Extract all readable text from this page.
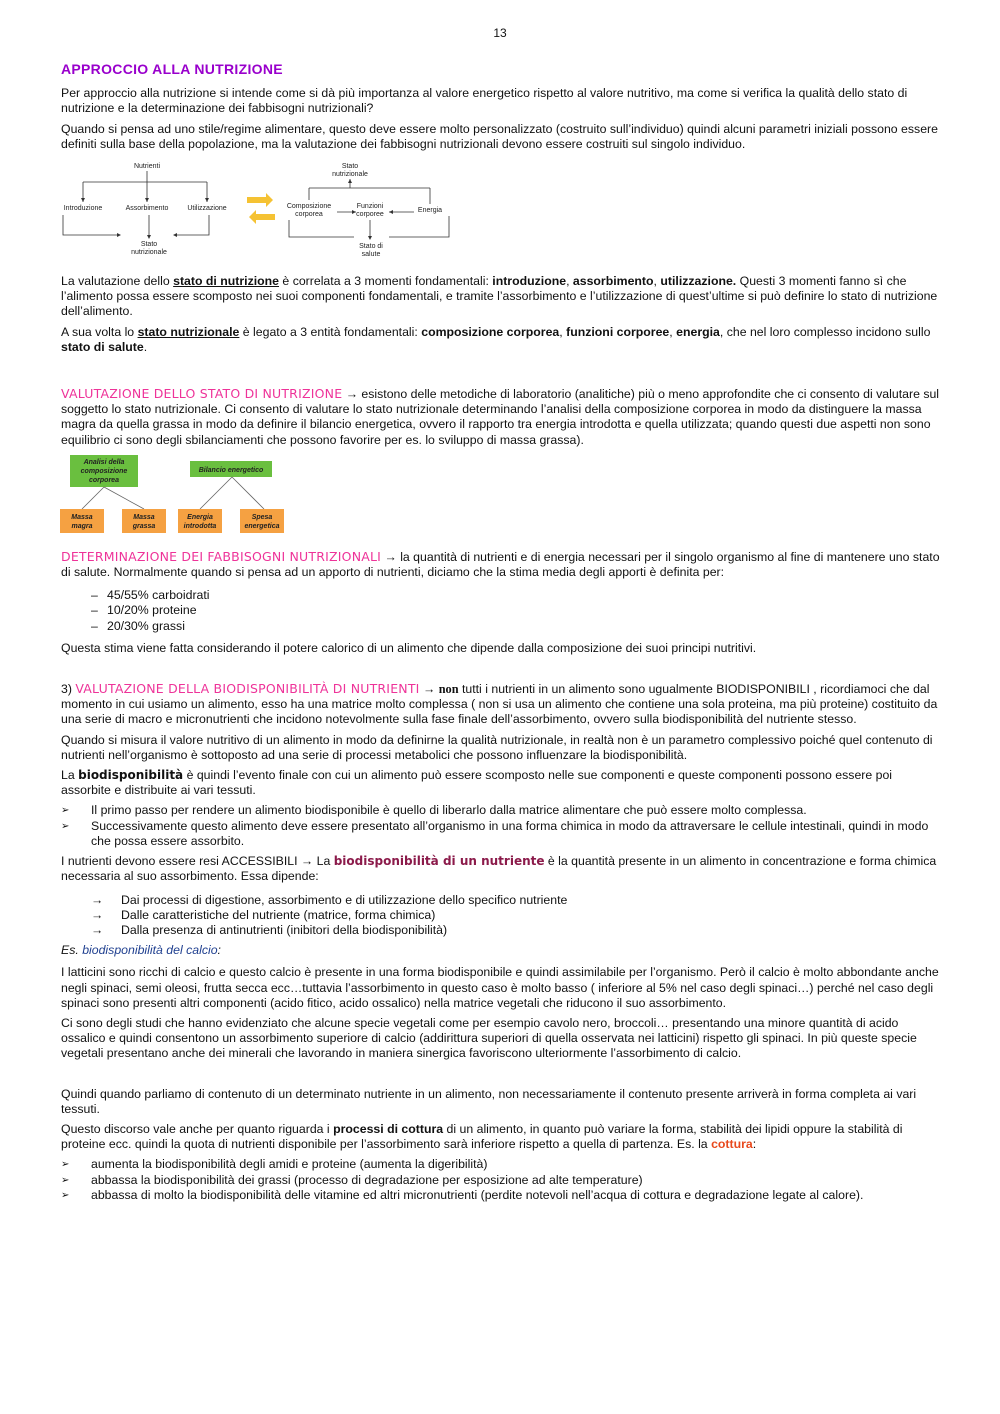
13
APPROCCIO ALLA NUTRIZIONE

Per approccio alla nutrizione si intende come si dà più importanza al valore energetico rispetto al valore nutritivo, ma come si verifica la qualità dello stato di nutrizione e la determinazione dei fabbisogni nutrizionali?

Quando si pensa ad uno stile/regime alimentare, questo deve essere molto personalizzato (costruito sull’individuo) quindi alcuni parametri iniziali possono essere definiti sulla base della popolazione, ma la valutazione dei fabbisogni nutrizionali devono essere costruiti sul singolo individuo.

Nutrienti
Introduzione	Assorbimento	Utilizzazione
Stato
nutrizionale
Stato
nutrizionale
Composizione
corporea
Funzioni
corporee
Energia
Stato di
salute

La valutazione dello stato di nutrizione è correlata a 3 momenti fondamentali: introduzione, assorbimento, utilizzazione. Questi 3 momenti fanno sì che l’alimento possa essere scomposto nei suoi componenti fondamentali, e tramite l’assorbimento e l’utilizzazione di quest’ultime si può definire lo stato di nutrizione dell’alimento.

A sua volta lo stato nutrizionale è legato a 3 entità fondamentali: composizione corporea, funzioni corporee, energia, che nel loro complesso incidono sullo stato di salute.

VALUTAZIONE DELLO STATO DI NUTRIZIONE → esistono delle metodiche di laboratorio (analitiche) più o meno approfondite che ci consento di valutare sul soggetto lo stato nutrizionale. Ci consento di valutare lo stato nutrizionale determinando l’analisi della composizione corporea in modo da distinguere la massa magra da quella grassa in modo da definire il bilancio energetica, ovvero il rapporto tra energia introdotta e quella utilizzata; quando questi due aspetti non sono equilibrio ci sono degli sbilanciamenti che possono favorire per es. lo sviluppo di massa grassa).

Analisi della
composizione
corporea
Bilancio energetico
Massa
magra
Massa
grassa
Energia
introdotta
Spesa
energetica

DETERMINAZIONE DEI FABBISOGNI NUTRIZIONALI → la quantità di nutrienti e di energia necessari per il singolo organismo al fine di mantenere uno stato di salute. Normalmente quando si pensa ad un apporto di nutrienti, diciamo che la stima media degli apporti è definita per:

– 45/55% carboidrati
– 10/20% proteine
– 20/30% grassi

Questa stima viene fatta considerando il potere calorico di un alimento che dipende dalla composizione dei suoi principi nutritivi.

3) VALUTAZIONE DELLA BIODISPONIBILITÀ DI NUTRIENTI → non tutti i nutrienti in un alimento sono ugualmente BIODISPONIBILI , ricordiamoci che dal momento in cui usiamo un alimento, esso ha una matrice molto complessa ( non si usa un alimento che contiene una sola proteina, ma più proteine) costituito da una serie di macro e micronutrienti che incidono notevolmente sulla fase finale dell’assorbimento, ovvero sulla biodisponibilità del nutriente stesso.

Quando si misura il valore nutritivo di un alimento in modo da definirne la qualità nutrizionale, in realtà non è un parametro complessivo poiché quel contenuto di nutrienti nell’organismo è sottoposto ad una serie di processi metabolici che possono influenzare la biodisponibilità.

La biodisponibilità è quindi l’evento finale con cui un alimento può essere scomposto nelle sue componenti e queste componenti possono essere poi assorbite e distribuite ai vari tessuti.

➢ Il primo passo per rendere un alimento biodisponibile è quello di liberarlo dalla matrice alimentare che può essere molto complessa.
➢ Successivamente questo alimento deve essere presentato all’organismo in una forma chimica in modo da attraversare le cellule intestinali, quindi in modo che possa essere assorbito.

I nutrienti devono essere resi ACCESSIBILI → La biodisponibilità di un nutriente è la quantità presente in un alimento in concentrazione e forma chimica necessaria al suo assorbimento. Essa dipende:

→ Dai processi di digestione, assorbimento e di utilizzazione dello specifico nutriente
→ Dalle caratteristiche del nutriente (matrice, forma chimica)
→ Dalla presenza di antinutrienti (inibitori della biodisponibilità)

Es. biodisponibilità del calcio:

I latticini sono ricchi di calcio e questo calcio è presente in una forma biodisponibile e quindi assimilabile per l’organismo. Però il calcio è molto abbondante anche negli spinaci, semi oleosi, frutta secca ecc…tuttavia l’assorbimento in questo caso è molto basso ( inferiore al 5% nel caso degli spinaci…) perché nel caso degli spinaci sono presenti altri componenti (acido fitico, acido ossalico) nella matrice vegetali che riducono il suo assorbimento.

Ci sono degli studi che hanno evidenziato che alcune specie vegetali come per esempio cavolo nero, broccoli… presentando una minore quantità di acido ossalico e quindi consentono un assorbimento superiore di calcio (addirittura superiori di quella osservata nei latticini) rispetto gli spinaci. In più queste specie vegetali presentano anche dei minerali che lavorando in maniera sinergica favoriscono ulteriormente l’assorbimento di calcio.

Quindi quando parliamo di contenuto di un determinato nutriente in un alimento, non necessariamente il contenuto presente arriverà in forma completa ai vari tessuti.

Questo discorso vale anche per quanto riguarda i processi di cottura di un alimento, in quanto può variare la forma, stabilità dei lipidi oppure la stabilità di proteine ecc. quindi la quota di nutrienti disponibile per l’assorbimento sarà inferiore rispetto a quella di partenza. Es. la cottura:

➢ aumenta la biodisponibilità degli amidi e proteine (aumenta la digeribilità)
➢ abbassa la biodisponibilità dei grassi (processo di degradazione per esposizione ad alte temperature)
➢ abbassa di molto la biodisponibilità delle vitamine ed altri micronutrienti (perdite notevoli nell’acqua di cottura e degradazione legate al calore).
